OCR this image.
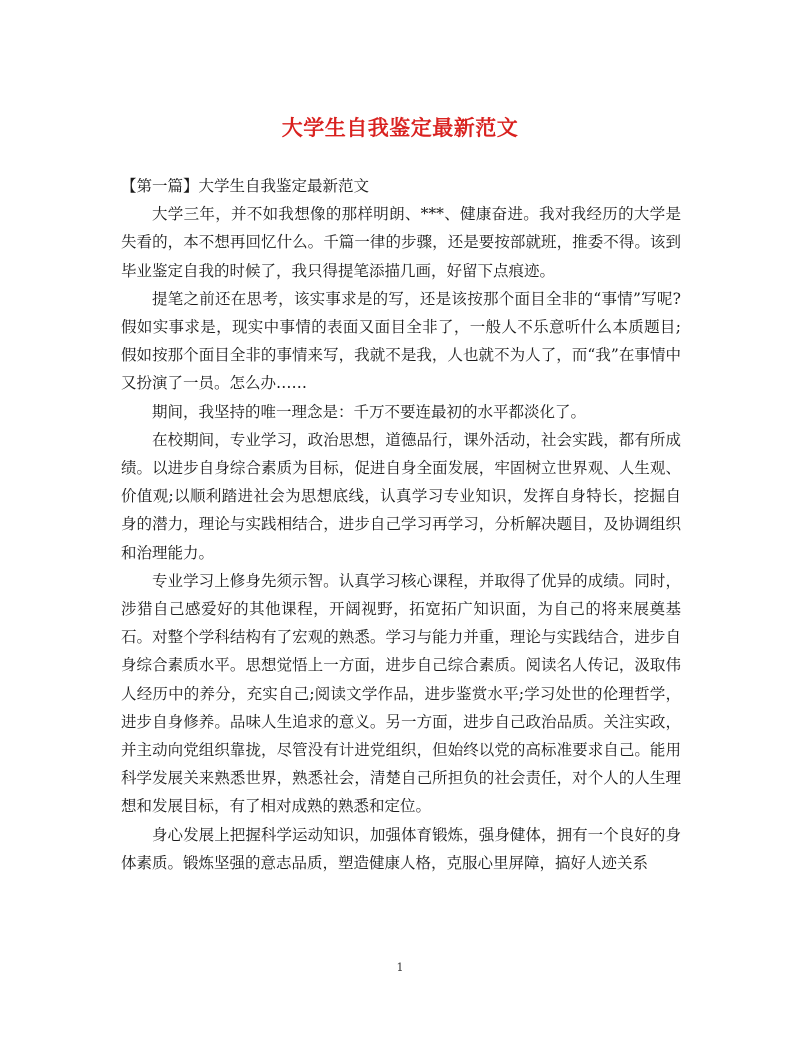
大学生自我鉴定最新范文

【第一篇】大学生自我鉴定最新范文

大学三年，并不如我想像的那样明朗、***、健康奋进。我对我经历的大学是失看的，本不想再回忆什么。千篇一律的步骤，还是要按部就班，推委不得。该到毕业鉴定自我的时候了，我只得提笔添描几画，好留下点痕迹。

提笔之前还在思考，该实事求是的写，还是该按那个面目全非的“事情”写呢?假如实事求是，现实中事情的表面又面目全非了，一般人不乐意听什么本质题目;假如按那个面目全非的事情来写，我就不是我，人也就不为人了，而“我”在事情中又扮演了一员。怎么办……

期间，我坚持的唯一理念是：千万不要连最初的水平都淡化了。

在校期间，专业学习，政治思想，道德品行，课外活动，社会实践，都有所成绩。以进步自身综合素质为目标，促进自身全面发展，牢固树立世界观、人生观、价值观;以顺利踏进社会为思想底线，认真学习专业知识，发挥自身特长，挖掘自身的潜力，理论与实践相结合，进步自己学习再学习，分析解决题目，及协调组织和治理能力。

专业学习上修身先须示智。认真学习核心课程，并取得了优异的成绩。同时，涉猎自己感爱好的其他课程，开阔视野，拓宽拓广知识面，为自己的将来展奠基石。对整个学科结构有了宏观的熟悉。学习与能力并重，理论与实践结合，进步自身综合素质水平。思想觉悟上一方面，进步自己综合素质。阅读名人传记，汲取伟人经历中的养分，充实自己;阅读文学作品，进步鉴赏水平;学习处世的伦理哲学，进步自身修养。品味人生追求的意义。另一方面，进步自己政治品质。关注实政，并主动向党组织靠拢，尽管没有计进党组织，但始终以党的高标准要求自己。能用科学发展关来熟悉世界，熟悉社会，清楚自己所担负的社会责任，对个人的人生理想和发展目标，有了相对成熟的熟悉和定位。

身心发展上把握科学运动知识，加强体育锻炼，强身健体，拥有一个良好的身体素质。锻炼坚强的意志品质，塑造健康人格，克服心里屏障，搞好人迹关系

1
